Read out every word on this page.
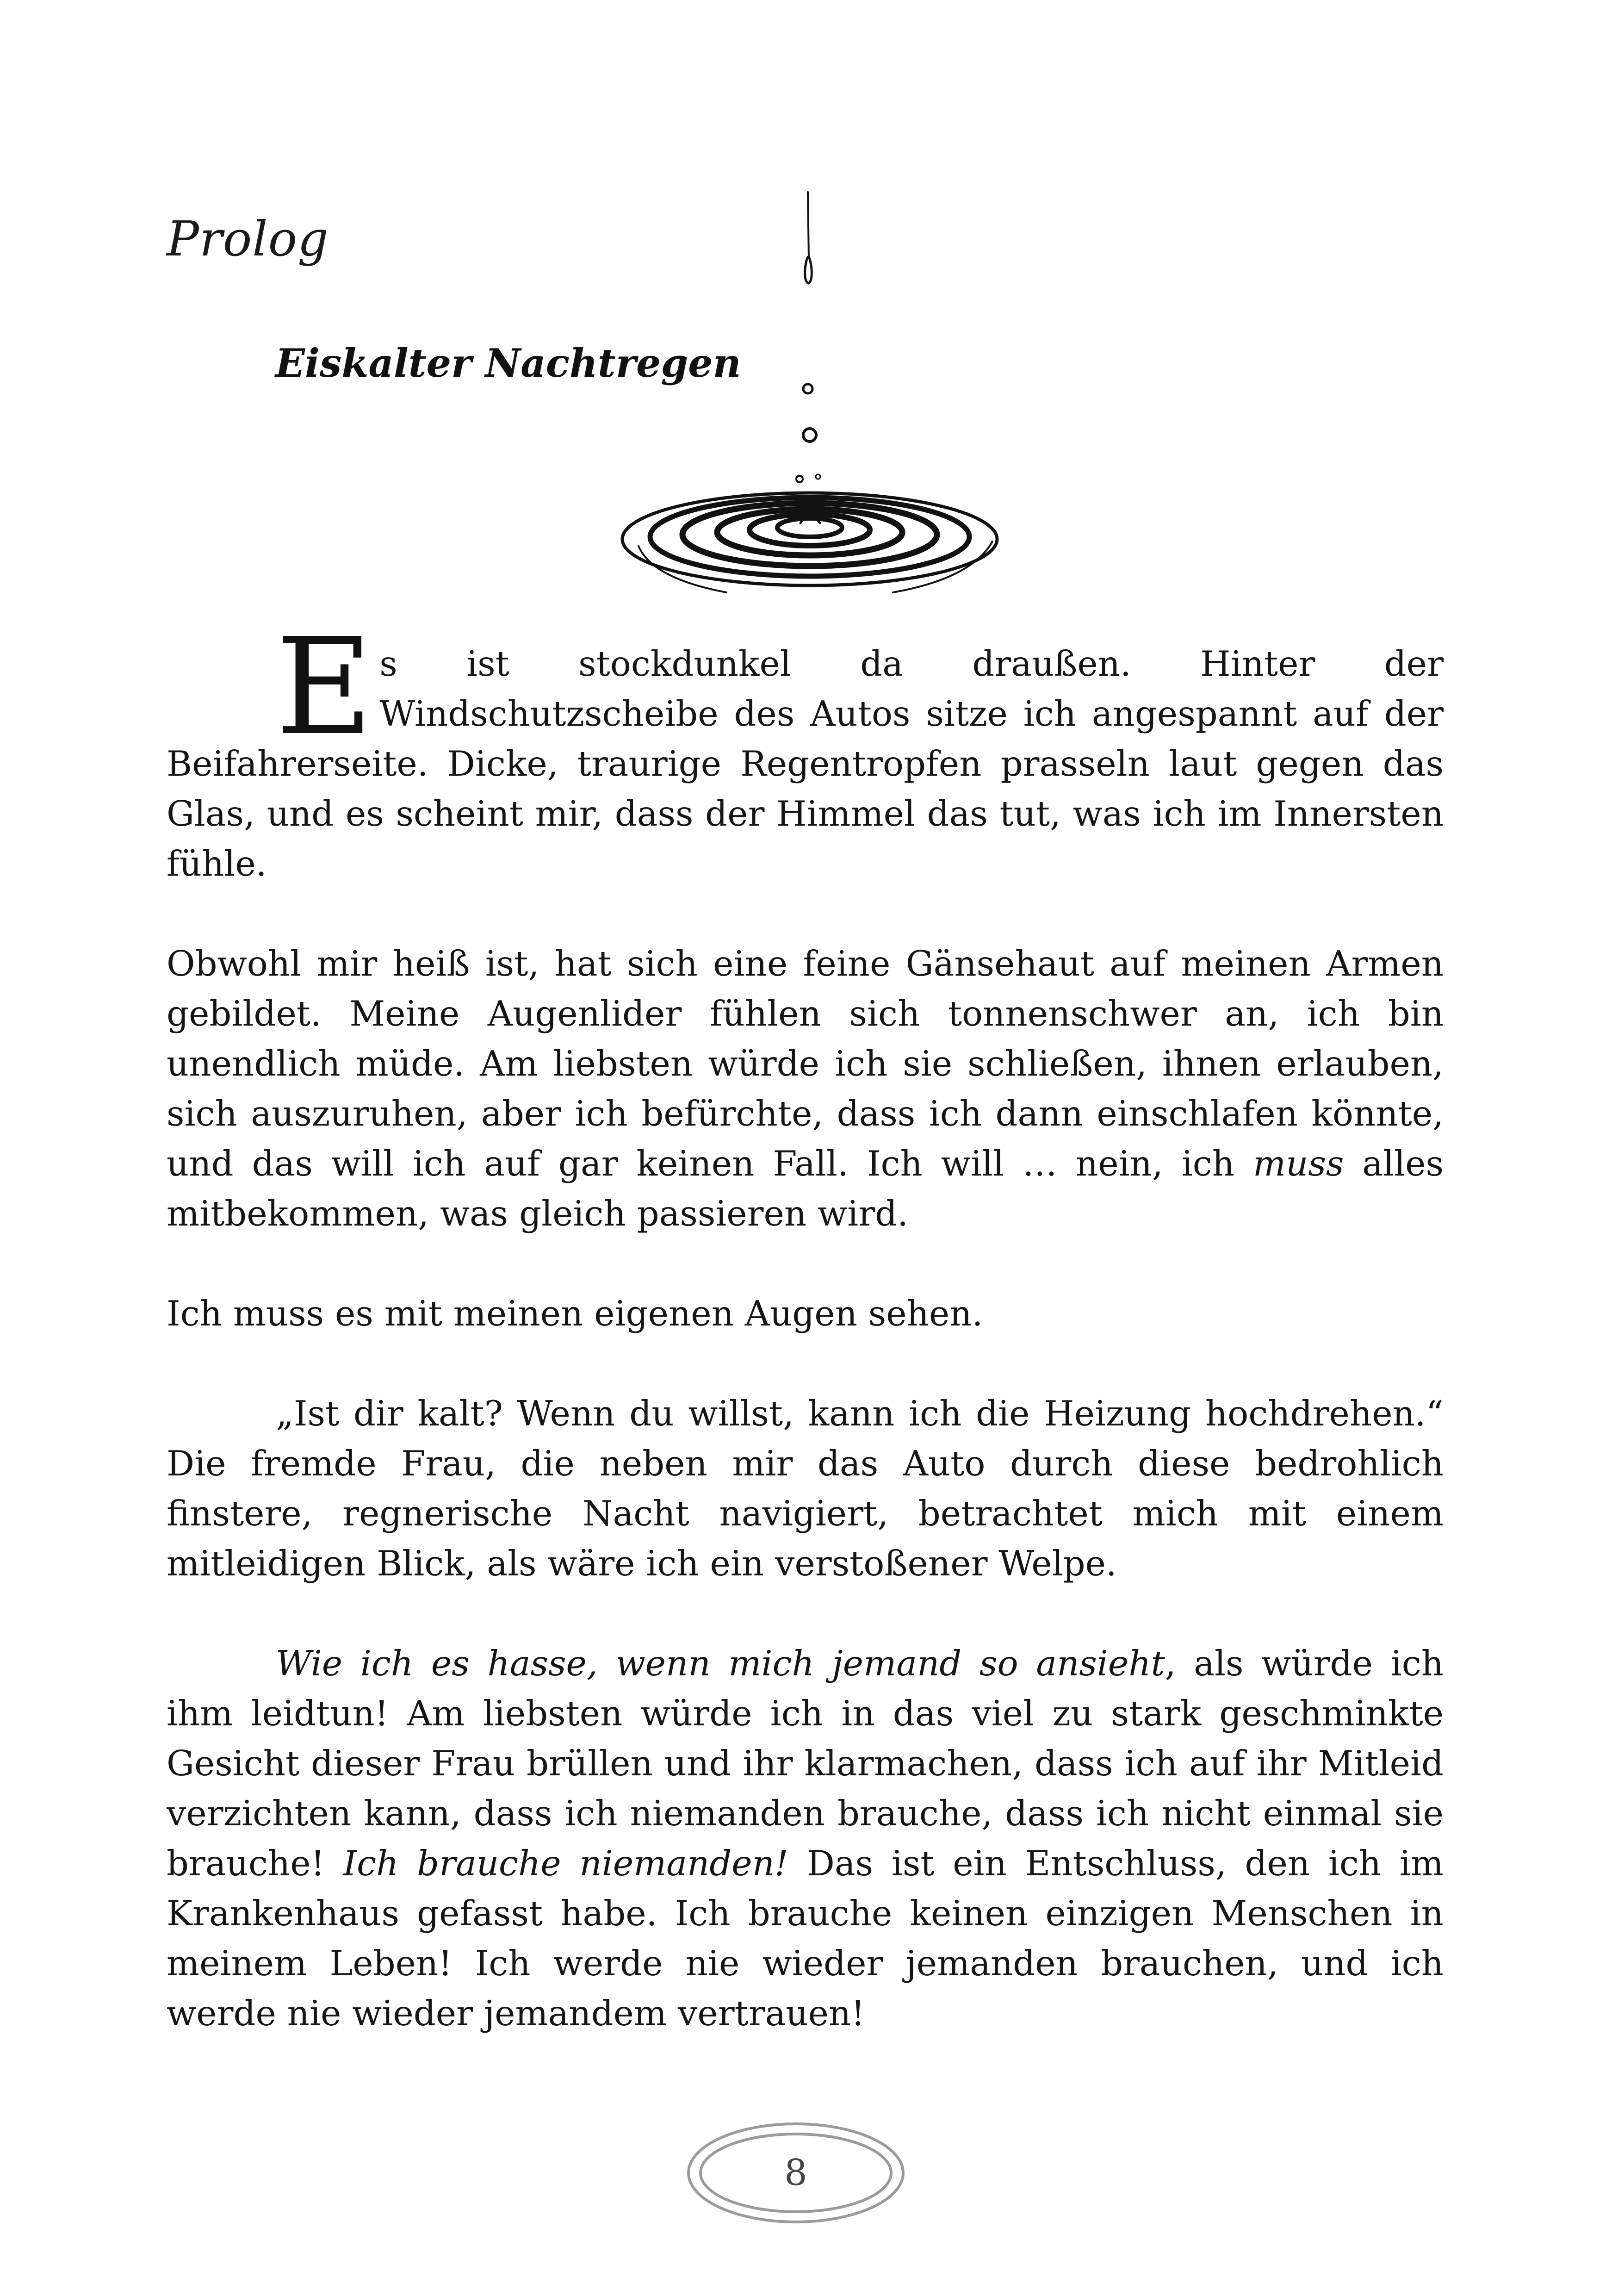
Prolog
Eiskalter Nachtregen

Es ist stockdunkel da draußen. Hinter der Windschutzscheibe des Autos sitze ich angespannt auf der Beifahrerseite. Dicke, traurige Regentropfen prasseln laut gegen das Glas, und es scheint mir, dass der Himmel das tut, was ich im Innersten fühle.

Obwohl mir heiß ist, hat sich eine feine Gänsehaut auf meinen Armen gebildet. Meine Augenlider fühlen sich tonnenschwer an, ich bin unendlich müde. Am liebsten würde ich sie schließen, ihnen erlauben, sich auszuruhen, aber ich befürchte, dass ich dann einschlafen könnte, und das will ich auf gar keinen Fall. Ich will … nein, ich muss alles mitbekommen, was gleich passieren wird.

Ich muss es mit meinen eigenen Augen sehen.

„Ist dir kalt? Wenn du willst, kann ich die Heizung hochdrehen.“ Die fremde Frau, die neben mir das Auto durch diese bedrohlich finstere, regnerische Nacht navigiert, betrachtet mich mit einem mitleidigen Blick, als wäre ich ein verstoßener Welpe.

Wie ich es hasse, wenn mich jemand so ansieht, als würde ich ihm leidtun! Am liebsten würde ich in das viel zu stark geschminkte Gesicht dieser Frau brüllen und ihr klarmachen, dass ich auf ihr Mitleid verzichten kann, dass ich niemanden brauche, dass ich nicht einmal sie brauche! Ich brauche niemanden! Das ist ein Entschluss, den ich im Krankenhaus gefasst habe. Ich brauche keinen einzigen Menschen in meinem Leben! Ich werde nie wieder jemanden brauchen, und ich werde nie wieder jemandem vertrauen!

8
